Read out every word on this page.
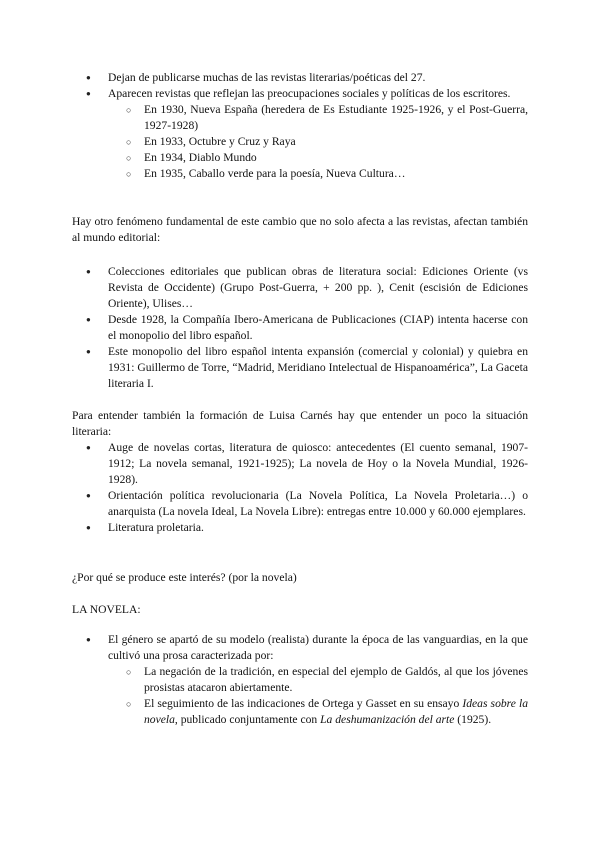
● Dejan de publicarse muchas de las revistas literarias/poéticas del 27.
● Aparecen revistas que reflejan las preocupaciones sociales y políticas de los escritores.
○ En 1930, Nueva España (heredera de Es Estudiante 1925-1926, y el Post-Guerra, 1927-1928)
○ En 1933, Octubre y Cruz y Raya
○ En 1934, Diablo Mundo
○ En 1935, Caballo verde para la poesía, Nueva Cultura…

Hay otro fenómeno fundamental de este cambio que no solo afecta a las revistas, afectan también al mundo editorial:

● Colecciones editoriales que publican obras de literatura social: Ediciones Oriente (vs Revista de Occidente) (Grupo Post-Guerra, + 200 pp. ), Cenit (escisión de Ediciones Oriente), Ulises…
● Desde 1928, la Compañía Ibero-Americana de Publicaciones (CIAP) intenta hacerse con el monopolio del libro español.
● Este monopolio del libro español intenta expansión (comercial y colonial) y quiebra en 1931: Guillermo de Torre, “Madrid, Meridiano Intelectual de Hispanoamérica”, La Gaceta literaria I.

Para entender también la formación de Luisa Carnés hay que entender un poco la situación literaria:

● Auge de novelas cortas, literatura de quiosco: antecedentes (El cuento semanal, 1907-1912; La novela semanal, 1921-1925); La novela de Hoy o la Novela Mundial, 1926-1928).
● Orientación política revolucionaria (La Novela Política, La Novela Proletaria…) o anarquista (La novela Ideal, La Novela Libre): entregas entre 10.000 y 60.000 ejemplares.
● Literatura proletaria.

¿Por qué se produce este interés? (por la novela)

LA NOVELA:

● El género se apartó de su modelo (realista) durante la época de las vanguardias, en la que cultivó una prosa caracterizada por:
○ La negación de la tradición, en especial del ejemplo de Galdós, al que los jóvenes prosistas atacaron abiertamente.
○ El seguimiento de las indicaciones de Ortega y Gasset en su ensayo Ideas sobre la novela, publicado conjuntamente con La deshumanización del arte (1925).
